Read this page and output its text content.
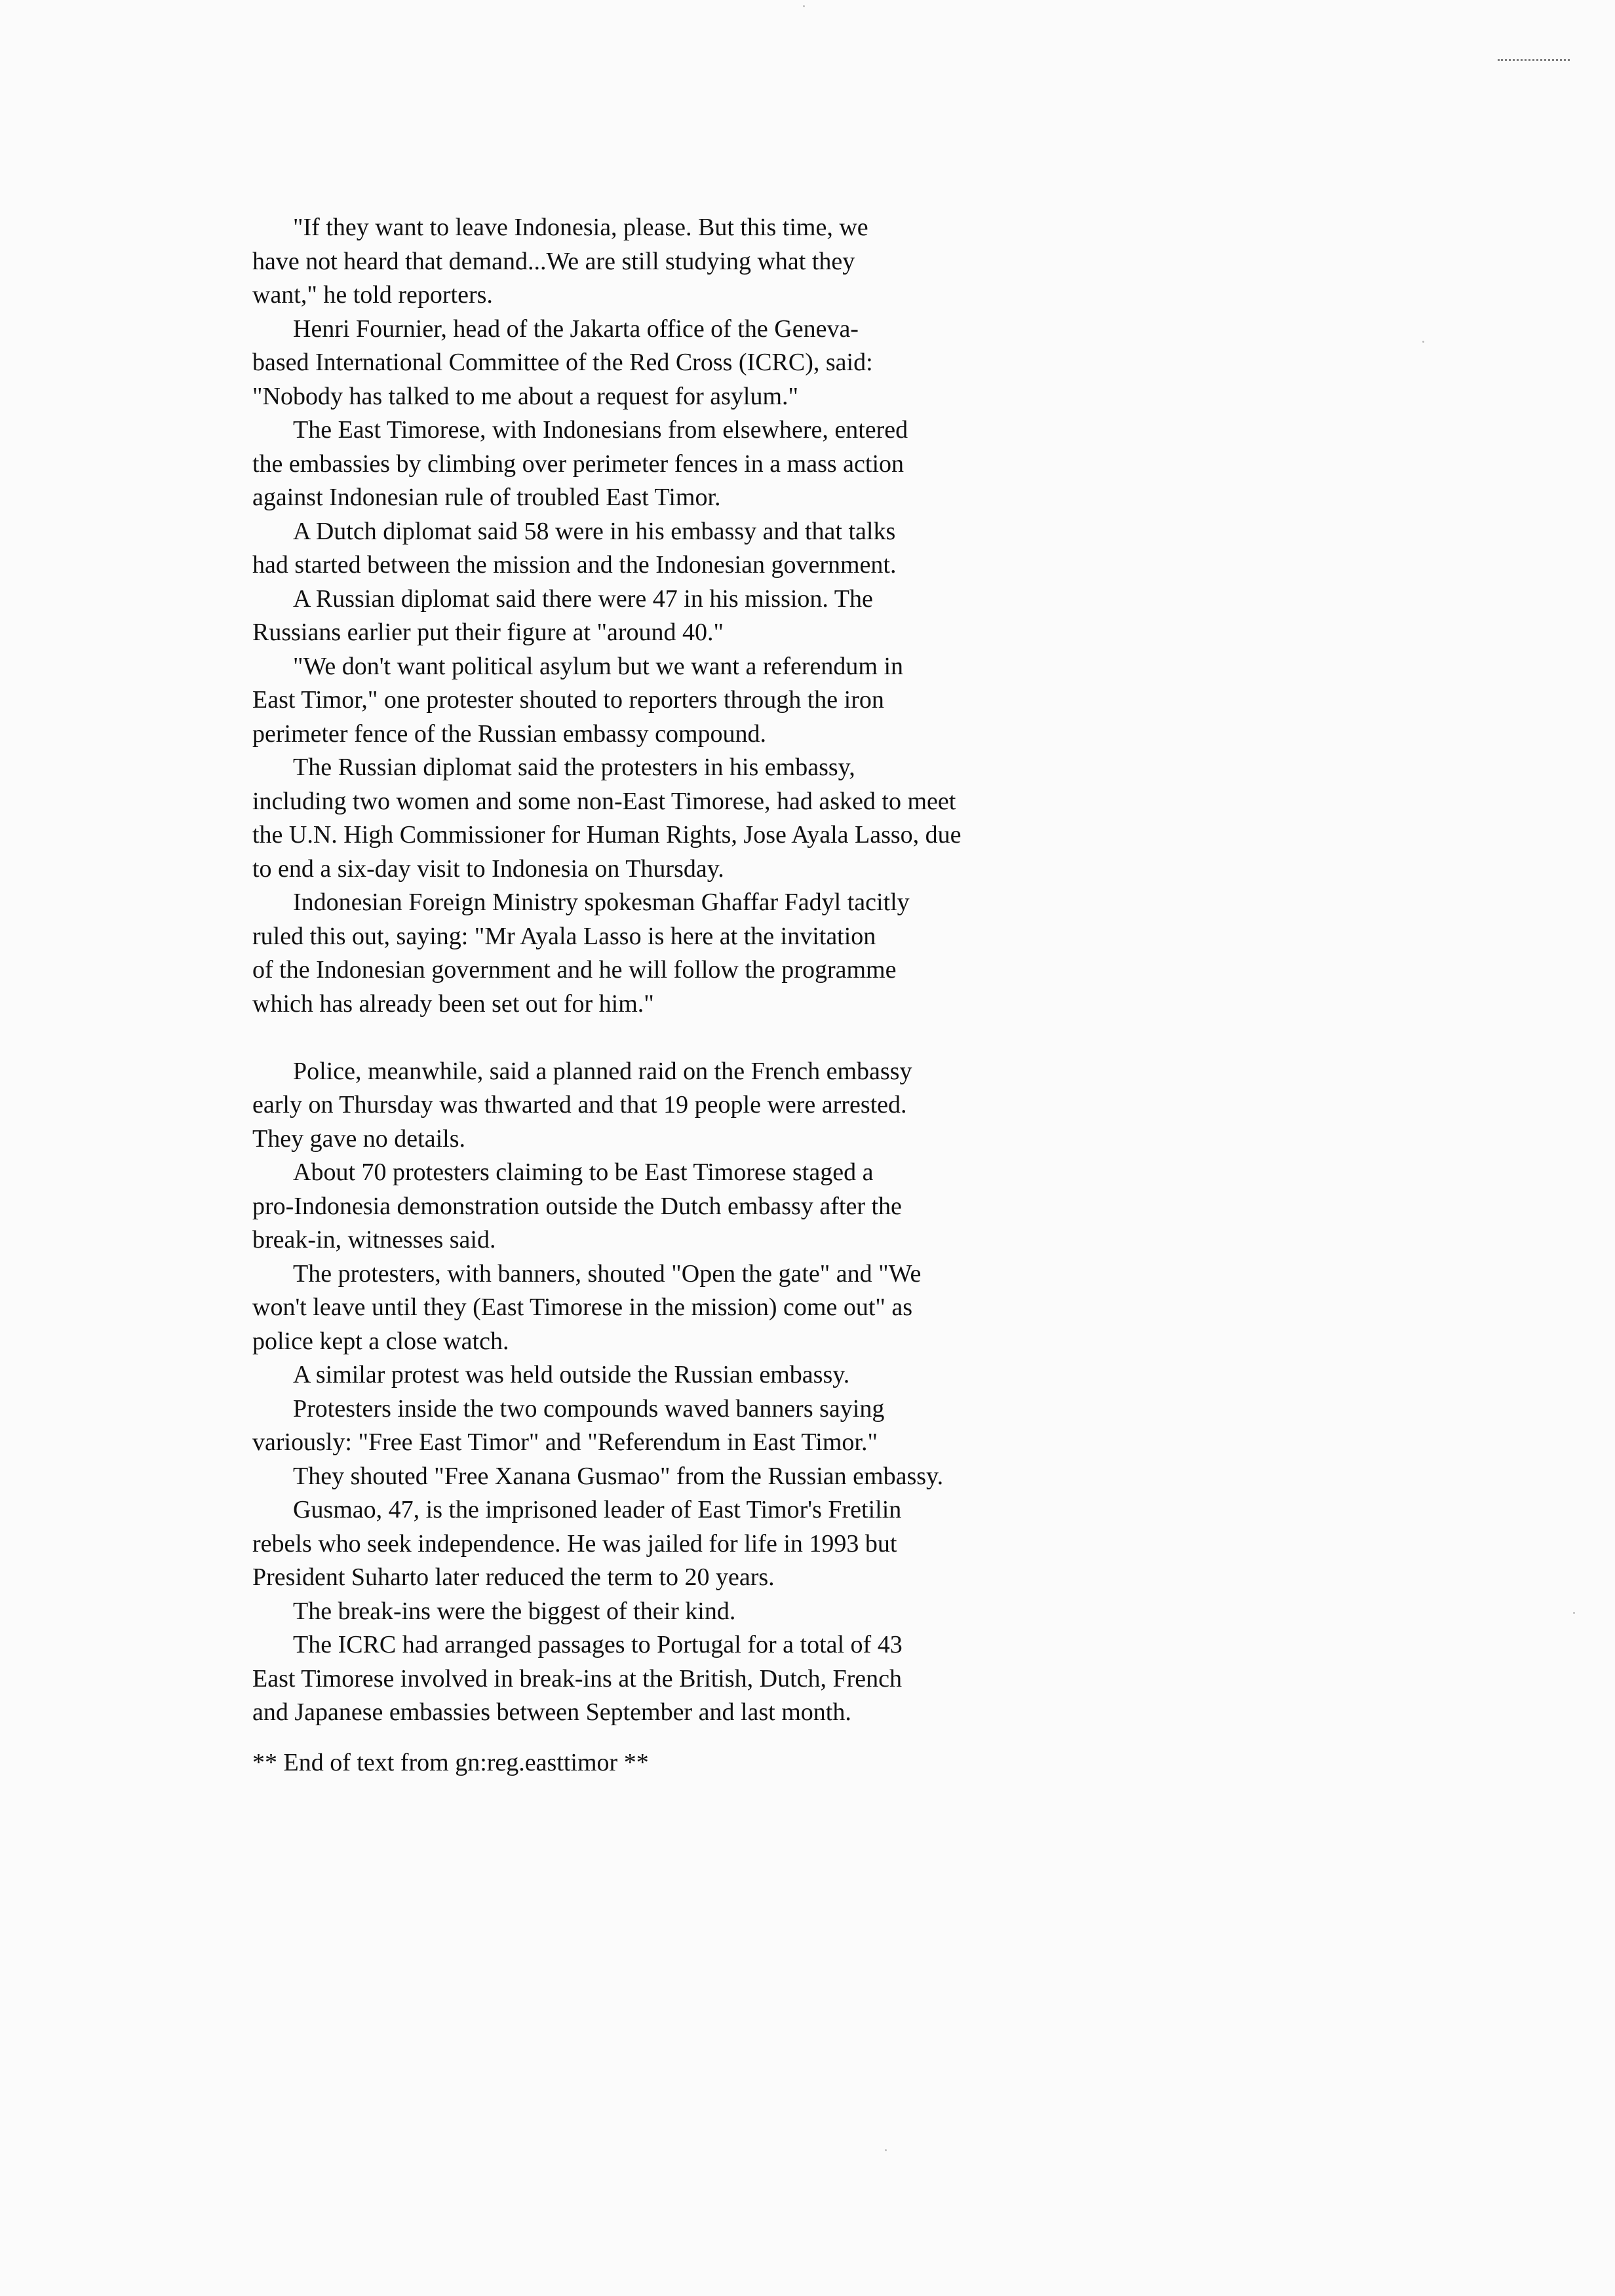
"If they want to leave Indonesia, please. But this time, we
have not heard that demand...We are still studying what they
want," he told reporters.
Henri Fournier, head of the Jakarta office of the Geneva-
based International Committee of the Red Cross (ICRC), said:
"Nobody has talked to me about a request for asylum."
The East Timorese, with Indonesians from elsewhere, entered
the embassies by climbing over perimeter fences in a mass action
against Indonesian rule of troubled East Timor.
A Dutch diplomat said 58 were in his embassy and that talks
had started between the mission and the Indonesian government.
A Russian diplomat said there were 47 in his mission. The
Russians earlier put their figure at "around 40."
"We don't want political asylum but we want a referendum in
East Timor," one protester shouted to reporters through the iron
perimeter fence of the Russian embassy compound.
The Russian diplomat said the protesters in his embassy,
including two women and some non-East Timorese, had asked to meet
the U.N. High Commissioner for Human Rights, Jose Ayala Lasso, due
to end a six-day visit to Indonesia on Thursday.
Indonesian Foreign Ministry spokesman Ghaffar Fadyl tacitly
ruled this out, saying: "Mr Ayala Lasso is here at the invitation
of the Indonesian government and he will follow the programme
which has already been set out for him."
Police, meanwhile, said a planned raid on the French embassy
early on Thursday was thwarted and that 19 people were arrested.
They gave no details.
About 70 protesters claiming to be East Timorese staged a
pro-Indonesia demonstration outside the Dutch embassy after the
break-in, witnesses said.
The protesters, with banners, shouted "Open the gate" and "We
won't leave until they (East Timorese in the mission) come out" as
police kept a close watch.
A similar protest was held outside the Russian embassy.
Protesters inside the two compounds waved banners saying
variously: "Free East Timor" and "Referendum in East Timor."
They shouted "Free Xanana Gusmao" from the Russian embassy.
Gusmao, 47, is the imprisoned leader of East Timor's Fretilin
rebels who seek independence. He was jailed for life in 1993 but
President Suharto later reduced the term to 20 years.
The break-ins were the biggest of their kind.
The ICRC had arranged passages to Portugal for a total of 43
East Timorese involved in break-ins at the British, Dutch, French
and Japanese embassies between September and last month.
** End of text from gn:reg.easttimor **
